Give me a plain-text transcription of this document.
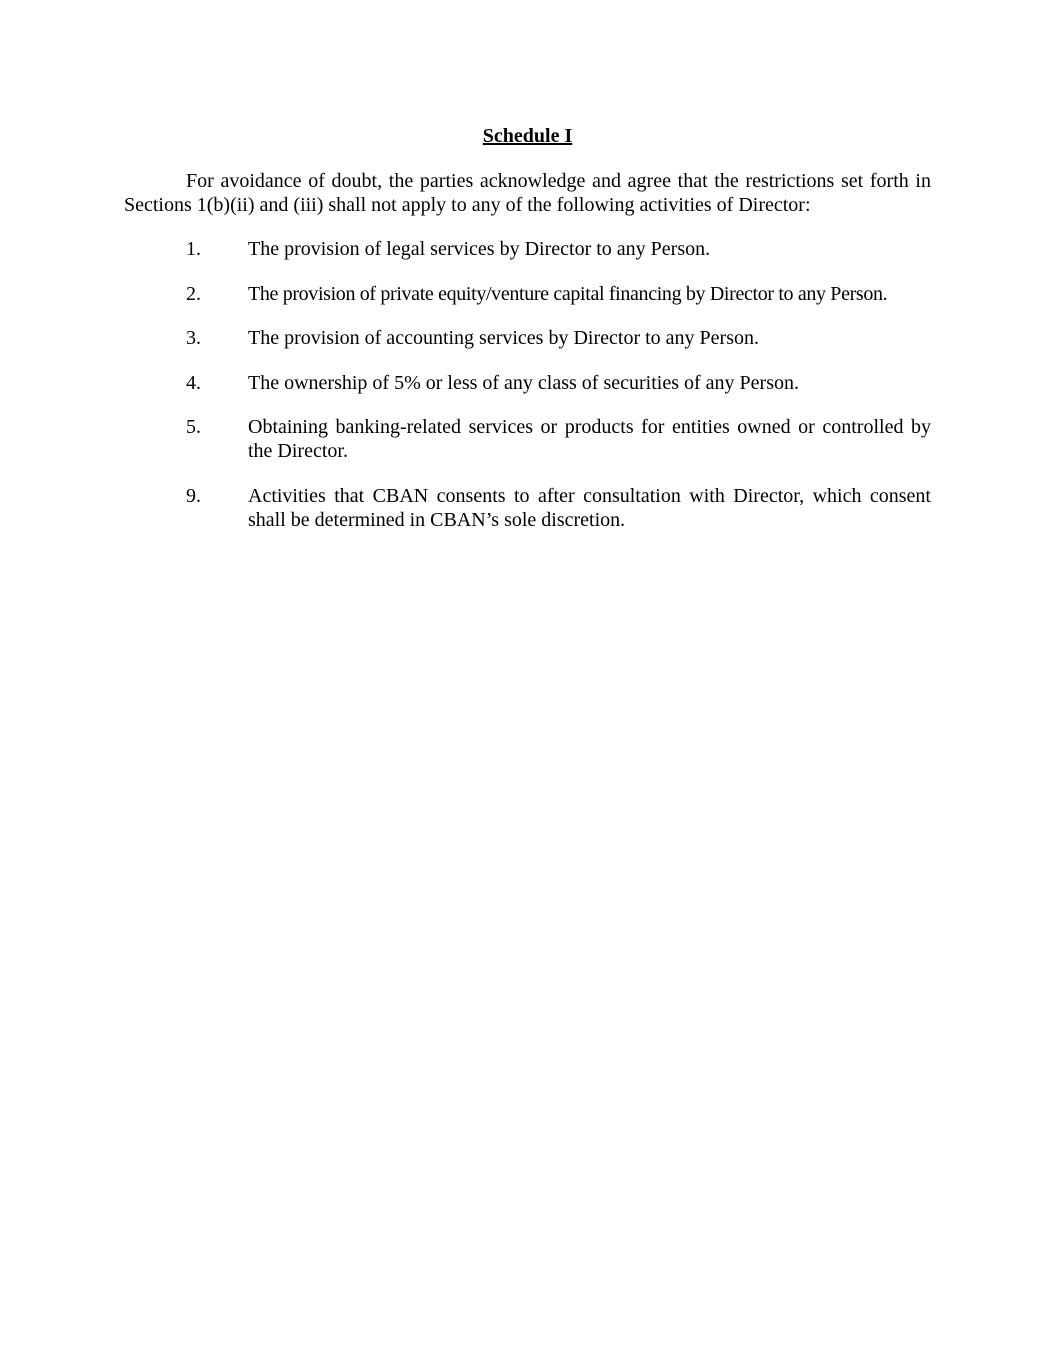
Schedule I

For avoidance of doubt, the parties acknowledge and agree that the restrictions set forth in Sections 1(b)(ii) and (iii) shall not apply to any of the following activities of Director:

1.	The provision of legal services by Director to any Person.
2.	The provision of private equity/venture capital financing by Director to any Person.
3.	The provision of accounting services by Director to any Person.
4.	The ownership of 5% or less of any class of securities of any Person.
5.	Obtaining banking-related services or products for entities owned or controlled by the Director.
9.	Activities that CBAN consents to after consultation with Director, which consent shall be determined in CBAN’s sole discretion.
